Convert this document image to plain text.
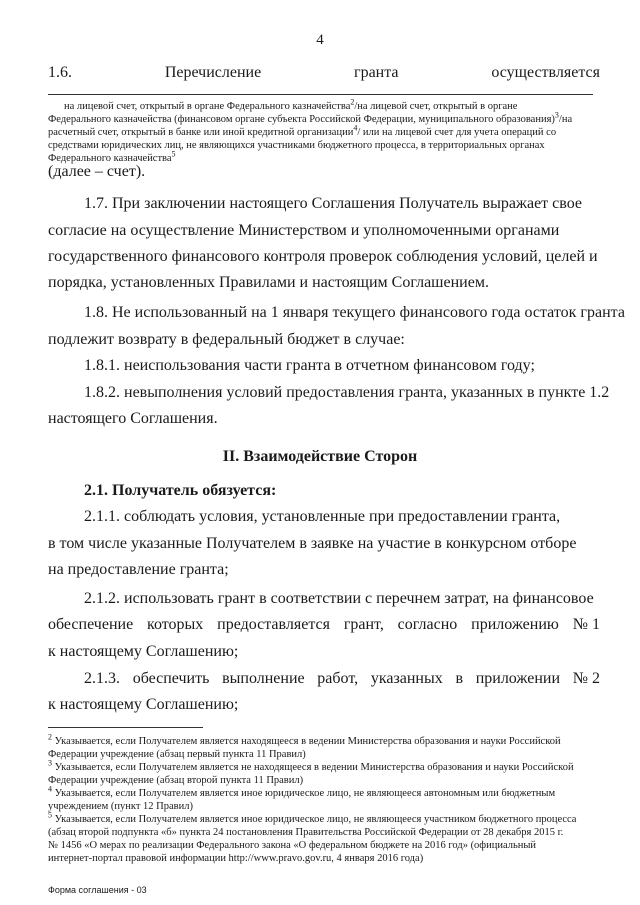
4
1.6.	Перечисление	гранта	осуществляется
на лицевой счет, открытый в органе Федерального казначейства$^2$/на лицевой счет, открытый в органе
Федерального казначейства (финансовом органе субъекта Российской Федерации, муниципального образования)$^3$/на
расчетный счет, открытый в банке или иной кредитной организации$^4$/ или на лицевой счет для учета операций со
средствами юридических лиц, не являющихся участниками бюджетного процесса, в территориальных органах
Федерального казначейства$^5$
(далее – счет).
1.7. При заключении настоящего Соглашения Получатель выражает свое
согласие на осуществление Министерством и уполномоченными органами
государственного финансового контроля проверок соблюдения условий, целей и
порядка, установленных Правилами и настоящим Соглашением.
1.8. Не использованный на 1 января текущего финансового года остаток гранта
подлежит возврату в федеральный бюджет в случае:
1.8.1. неиспользования части гранта в отчетном финансовом году;
1.8.2. невыполнения условий предоставления гранта, указанных в пункте 1.2
настоящего Соглашения.
II. Взаимодействие Сторон
2.1. Получатель обязуется:
2.1.1. соблюдать условия, установленные при предоставлении гранта,
в том числе указанные Получателем в заявке на участие в конкурсном отборе
на предоставление гранта;
2.1.2. использовать грант в соответствии с перечнем затрат, на финансовое
обеспечение которых предоставляется грант, согласно приложению № 1
к настоящему Соглашению;
2.1.3. обеспечить выполнение работ, указанных в приложении № 2
к настоящему Соглашению;
$^2$ Указывается, если Получателем является находящееся в ведении Министерства образования и науки Российской
Федерации учреждение (абзац первый пункта 11 Правил)
$^3$ Указывается, если Получателем является не находящееся в ведении Министерства образования и науки Российской
Федерации учреждение (абзац второй пункта 11 Правил)
$^4$ Указывается, если Получателем является иное юридическое лицо, не являющееся автономным или бюджетным
учреждением (пункт 12 Правил)
$^5$ Указывается, если Получателем является иное юридическое лицо, не являющееся участником бюджетного процесса
(абзац второй подпункта «б» пункта 24 постановления Правительства Российской Федерации от 28 декабря 2015 г.
№ 1456 «О мерах по реализации Федерального закона «О федеральном бюджете на 2016 год» (официальный
интернет-портал правовой информации http://www.pravo.gov.ru, 4 января 2016 года)
Форма соглашения - 03
